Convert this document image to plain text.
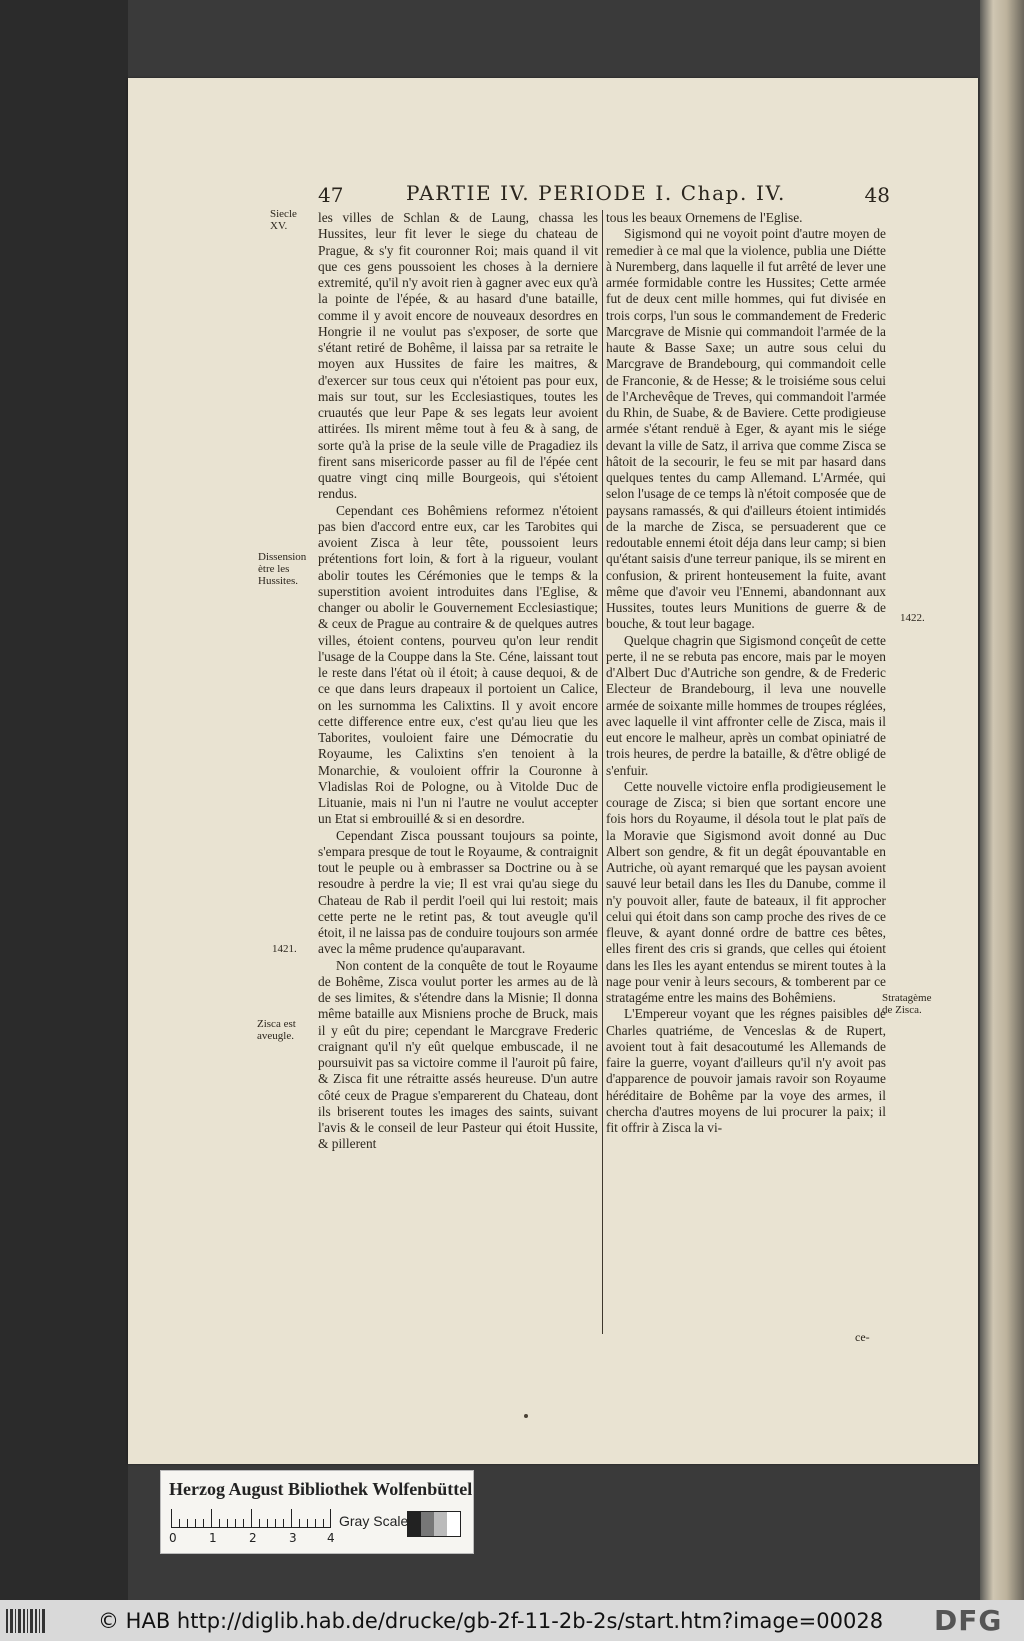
47	PARTIE IV. PERIODE I. Chap. IV.	48

les villes de Schlan & de Laung, chassa les Hussites, leur fit lever le siege du chateau de Prague, & s'y fit couronner Roi; mais quand il vit que ces gens poussoient les choses à la derniere extremité, qu'il n'y avoit rien à gagner avec eux qu'à la pointe de l'épée, & au hasard d'une bataille, comme il y avoit encore de nouveaux desordres en Hongrie il ne voulut pas s'exposer, de sorte que s'étant retiré de Bohême, il laissa par sa retraite le moyen aux Hussites de faire les maitres, & d'exercer sur tous ceux qui n'étoient pas pour eux, mais sur tout, sur les Ecclesiastiques, toutes les cruautés que leur Pape & ses legats leur avoient attirées. Ils mirent même tout à feu & à sang, de sorte qu'à la prise de la seule ville de Pragadiez ils firent sans misericorde passer au fil de l'épée cent quatre vingt cinq mille Bourgeois, qui s'étoient rendus.

Cependant ces Bohêmiens reformez n'étoient pas bien d'accord entre eux, car les Tarobites qui avoient Zisca à leur tête, poussoient leurs prétentions fort loin, & fort à la rigueur, voulant abolir toutes les Cérémonies que le temps & la superstition avoient introduites dans l'Eglise, & changer ou abolir le Gouvernement Ecclesiastique; & ceux de Prague au contraire & de quelques autres villes, étoient contens, pourveu qu'on leur rendit l'usage de la Couppe dans la Ste. Céne, laissant tout le reste dans l'état où il étoit; à cause dequoi, & de ce que dans leurs drapeaux il portoient un Calice, on les surnomma les Calixtins. Il y avoit encore cette difference entre eux, c'est qu'au lieu que les Taborites, vouloient faire une Démocratie du Royaume, les Calixtins s'en tenoient à la Monarchie, & vouloient offrir la Couronne à Vladislas Roi de Pologne, ou à Vitolde Duc de Lituanie, mais ni l'un ni l'autre ne voulut accepter un Etat si embrouillé & si en desordre.

Cependant Zisca poussant toujours sa pointe, s'empara presque de tout le Royaume, & contraignit tout le peuple ou à embrasser sa Doctrine ou à se resoudre à perdre la vie; Il est vrai qu'au siege du Chateau de Rab il perdit l'oeil qui lui restoit; mais cette perte ne le retint pas, & tout aveugle qu'il étoit, il ne laissa pas de conduire toujours son armée avec la même prudence qu'auparavant.

Non content de la conquête de tout le Royaume de Bohême, Zisca voulut porter les armes au de là de ses limites, & s'étendre dans la Misnie; Il donna même bataille aux Misniens proche de Bruck, mais il y eût du pire; cependant le Marcgrave Frederic craignant qu'il n'y eût quelque embuscade, il ne poursuivit pas sa victoire comme il l'auroit pû faire, & Zisca fit une rétraitte assés heureuse. D'un autre côté ceux de Prague s'emparerent du Chateau, dont ils briserent toutes les images des saints, suivant l'avis & le conseil de leur Pasteur qui étoit Hussite, & pillerent

tous les beaux Ornemens de l'Eglise.

Sigismond qui ne voyoit point d'autre moyen de remedier à ce mal que la violence, publia une Diétte à Nuremberg, dans laquelle il fut arrêté de lever une armée formidable contre les Hussites; Cette armée fut de deux cent mille hommes, qui fut divisée en trois corps, l'un sous le commandement de Frederic Marcgrave de Misnie qui commandoit l'armée de la haute & Basse Saxe; un autre sous celui du Marcgrave de Brandebourg, qui commandoit celle de Franconie, & de Hesse; & le troisiéme sous celui de l'Archevêque de Treves, qui commandoit l'armée du Rhin, de Suabe, & de Baviere. Cette prodigieuse armée s'étant renduë à Eger, & ayant mis le siége devant la ville de Satz, il arriva que comme Zisca se hâtoit de la secourir, le feu se mit par hasard dans quelques tentes du camp Allemand. L'Armée, qui selon l'usage de ce temps là n'étoit composée que de paysans ramassés, & qui d'ailleurs étoient intimidés de la marche de Zisca, se persuaderent que ce redoutable ennemi étoit déja dans leur camp; si bien qu'étant saisis d'une terreur panique, ils se mirent en confusion, & prirent honteusement la fuite, avant même que d'avoir veu l'Ennemi, abandonnant aux Hussites, toutes leurs Munitions de guerre & de bouche, & tout leur bagage.

Quelque chagrin que Sigismond conçeût de cette perte, il ne se rebuta pas encore, mais par le moyen d'Albert Duc d'Autriche son gendre, & de Frederic Electeur de Brandebourg, il leva une nouvelle armée de soixante mille hommes de troupes réglées, avec laquelle il vint affronter celle de Zisca, mais il eut encore le malheur, après un combat opiniatré de trois heures, de perdre la bataille, & d'être obligé de s'enfuir.

Cette nouvelle victoire enfla prodigieusement le courage de Zisca; si bien que sortant encore une fois hors du Royaume, il désola tout le plat païs de la Moravie que Sigismond avoit donné au Duc Albert son gendre, & fit un degât épouvantable en Autriche, où ayant remarqué que les paysan avoient sauvé leur betail dans les Iles du Danube, comme il n'y pouvoit aller, faute de bateaux, il fit approcher celui qui étoit dans son camp proche des rives de ce fleuve, & ayant donné ordre de battre ces bêtes, elles firent des cris si grands, que celles qui étoient dans les Iles les ayant entendus se mirent toutes à la nage pour venir à leurs secours, & tomberent par ce stratagéme entre les mains des Bohêmiens.

L'Empereur voyant que les régnes paisibles de Charles quatriéme, de Venceslas & de Rupert, avoient tout à fait desacoutumé les Allemands de faire la guerre, voyant d'ailleurs qu'il n'y avoit pas d'apparence de pouvoir jamais ravoir son Royaume héréditaire de Bohême par la voye des armes, il chercha d'autres moyens de lui procurer la paix; il fit offrir à Zisca la vi-

Siecle XV.
Dissension ètre les Hussites.
1421.
Zisca est aveugle.
1422.
Stratagème de Zisca.
ce-
Herzog August Bibliothek Wolfenbüttel
0	1	2	3	4
Gray Scale
© HAB http://diglib.hab.de/drucke/gb-2f-11-2b-2s/start.htm?image=00028 DFG
